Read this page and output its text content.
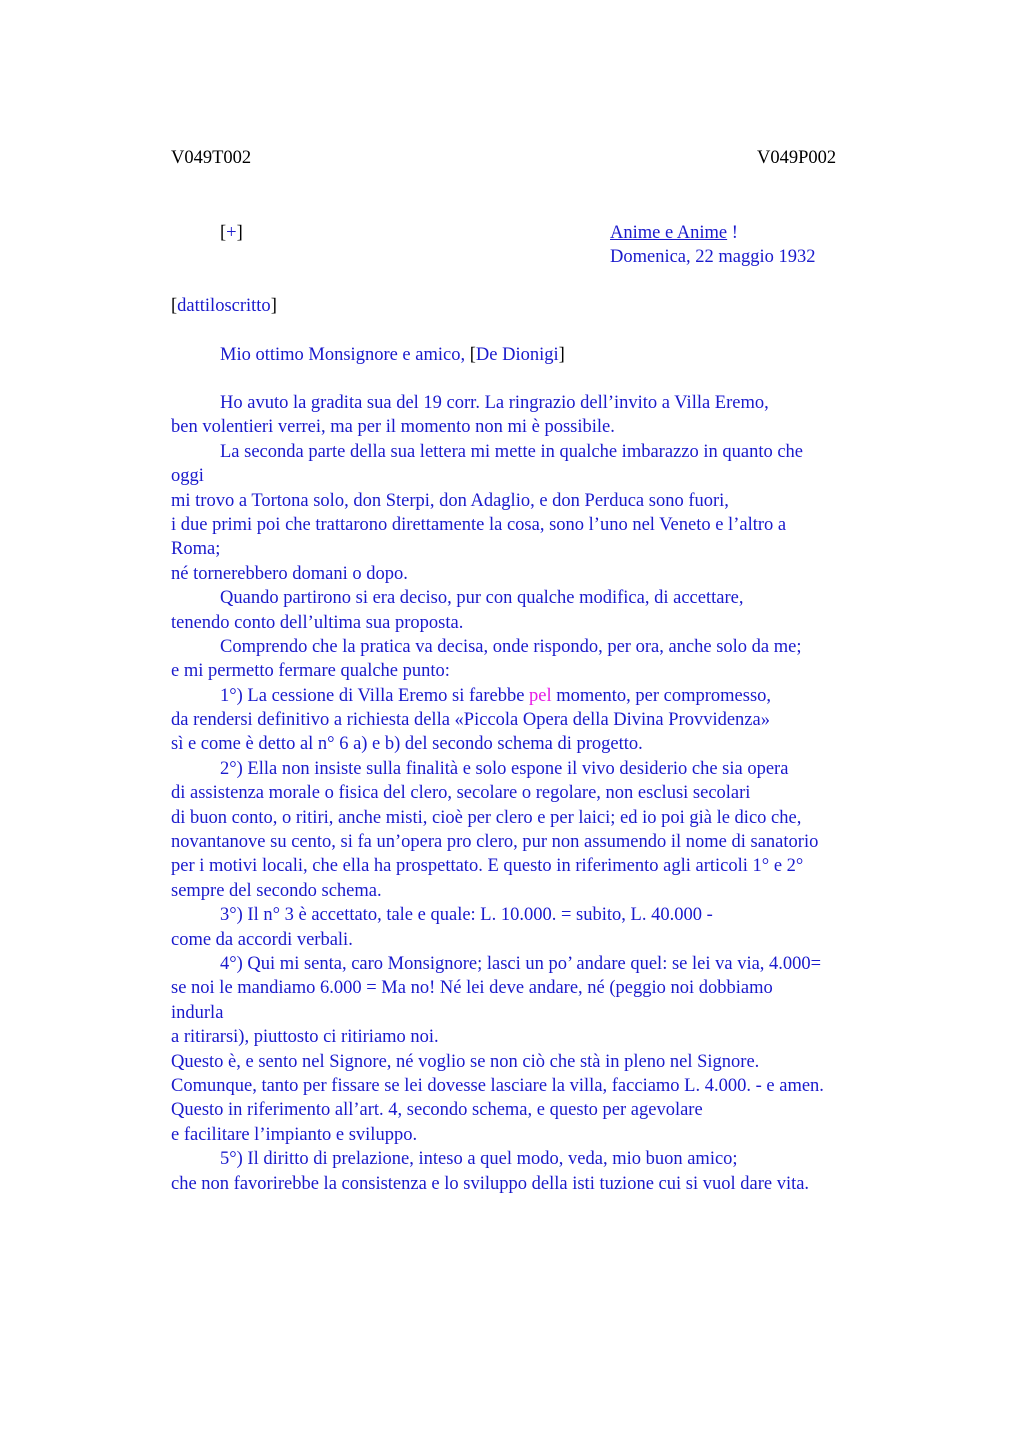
V049T002	V049P002
[+]	Anime e Anime !
Domenica, 22 maggio 1932
[dattiloscritto]
Mio ottimo Monsignore e amico, [De Dionigi]
Ho avuto la gradita sua del 19 corr. La ringrazio dell’invito a Villa Eremo,
ben volentieri verrei, ma per il momento non mi è possibile.
La seconda parte della sua lettera mi mette in qualche imbarazzo in quanto che
oggi
mi trovo a Tortona solo, don Sterpi, don Adaglio, e don Perduca sono fuori,
i due primi poi che trattarono direttamente la cosa, sono l’uno nel Veneto e l’altro a
Roma;
né tornerebbero domani o dopo.
Quando partirono si era deciso, pur con qualche modifica, di accettare,
tenendo conto dell’ultima sua proposta.
Comprendo che la pratica va decisa, onde rispondo, per ora, anche solo da me;
e mi permetto fermare qualche punto:
1°) La cessione di Villa Eremo si farebbe pel momento, per compromesso,
da rendersi definitivo a richiesta della «Piccola Opera della Divina Provvidenza»
sì e come è detto al n° 6 a) e b) del secondo schema di progetto.
2°) Ella non insiste sulla finalità e solo espone il vivo desiderio che sia opera
di assistenza morale o fisica del clero, secolare o regolare, non esclusi secolari
di buon conto, o ritiri, anche misti, cioè per clero e per laici; ed io poi già le dico che,
novantanove su cento, si fa un’opera pro clero, pur non assumendo il nome di sanatorio
per i motivi locali, che ella ha prospettato. E questo in riferimento agli articoli 1° e 2°
sempre del secondo schema.
3°) Il n° 3 è accettato, tale e quale: L. 10.000. = subito, L. 40.000 -
come da accordi verbali.
4°) Qui mi senta, caro Monsignore; lasci un po’ andare quel: se lei va via, 4.000=
se noi le mandiamo 6.000 = Ma no! Né lei deve andare, né (peggio noi dobbiamo
indurla
a ritirarsi), piuttosto ci ritiriamo noi.
Questo è, e sento nel Signore, né voglio se non ciò che stà in pleno nel Signore.
Comunque, tanto per fissare se lei dovesse lasciare la villa, facciamo L. 4.000. - e amen.
Questo in riferimento all’art. 4, secondo schema, e questo per agevolare
e facilitare l’impianto e sviluppo.
5°) Il diritto di prelazione, inteso a quel modo, veda, mio buon amico;
che non favorirebbe la consistenza e lo sviluppo della isti tuzione cui si vuol dare vita.
